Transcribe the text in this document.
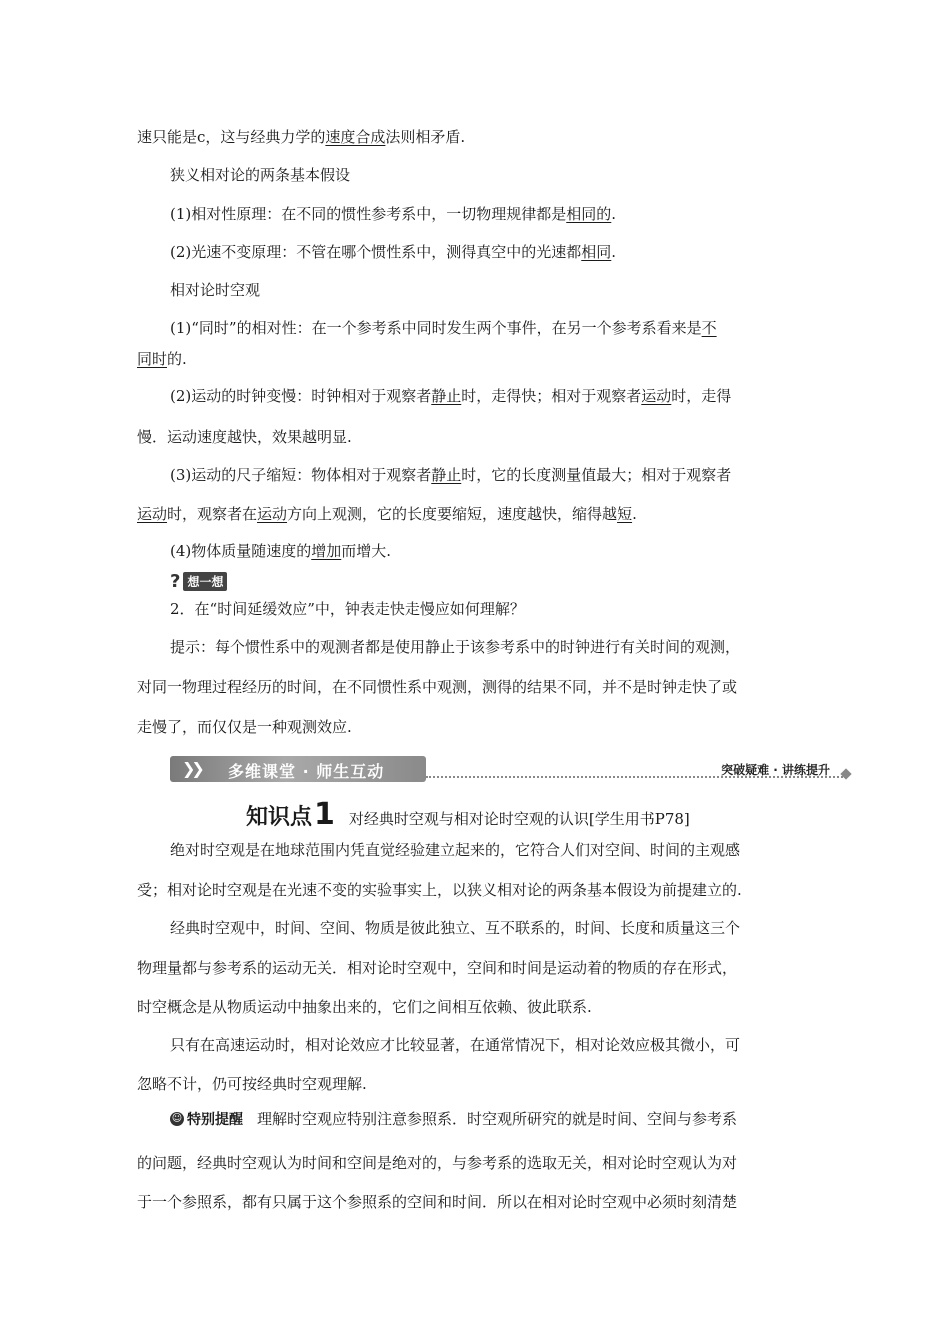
速只能是c，这与经典力学的速度合成法则相矛盾.
狭义相对论的两条基本假设
(1)相对性原理：在不同的惯性参考系中，一切物理规律都是相同的.
(2)光速不变原理：不管在哪个惯性系中，测得真空中的光速都相同.
相对论时空观
(1)“同时”的相对性：在一个参考系中同时发生两个事件，在另一个参考系看来是不
同时的.
(2)运动的时钟变慢：时钟相对于观察者静止时，走得快；相对于观察者运动时，走得
慢．运动速度越快，效果越明显.
(3)运动的尺子缩短：物体相对于观察者静止时，它的长度测量值最大；相对于观察者
运动时，观察者在运动方向上观测，它的长度要缩短，速度越快，缩得越短.
(4)物体质量随速度的增加而增大.
? 想一想
2．在“时间延缓效应”中，钟表走快走慢应如何理解？
提示：每个惯性系中的观测者都是使用静止于该参考系中的时钟进行有关时间的观测，
对同一物理过程经历的时间，在不同惯性系中观测，测得的结果不同，并不是时钟走快了或
走慢了，而仅仅是一种观测效应.
❯❯ 多维课堂 · 师生互动	突破疑难 · 讲练提升
知识点 1 对经典时空观与相对论时空观的认识[学生用书P78]
绝对时空观是在地球范围内凭直觉经验建立起来的，它符合人们对空间、时间的主观感
受；相对论时空观是在光速不变的实验事实上，以狭义相对论的两条基本假设为前提建立的.
经典时空观中，时间、空间、物质是彼此独立、互不联系的，时间、长度和质量这三个
物理量都与参考系的运动无关．相对论时空观中，空间和时间是运动着的物质的存在形式，
时空概念是从物质运动中抽象出来的，它们之间相互依赖、彼此联系.
只有在高速运动时，相对论效应才比较显著，在通常情况下，相对论效应极其微小，可
忽略不计，仍可按经典时空观理解.
☺ 特别提醒 理解时空观应特别注意参照系．时空观所研究的就是时间、空间与参考系
的问题，经典时空观认为时间和空间是绝对的，与参考系的选取无关，相对论时空观认为对
于一个参照系，都有只属于这个参照系的空间和时间．所以在相对论时空观中必须时刻清楚
